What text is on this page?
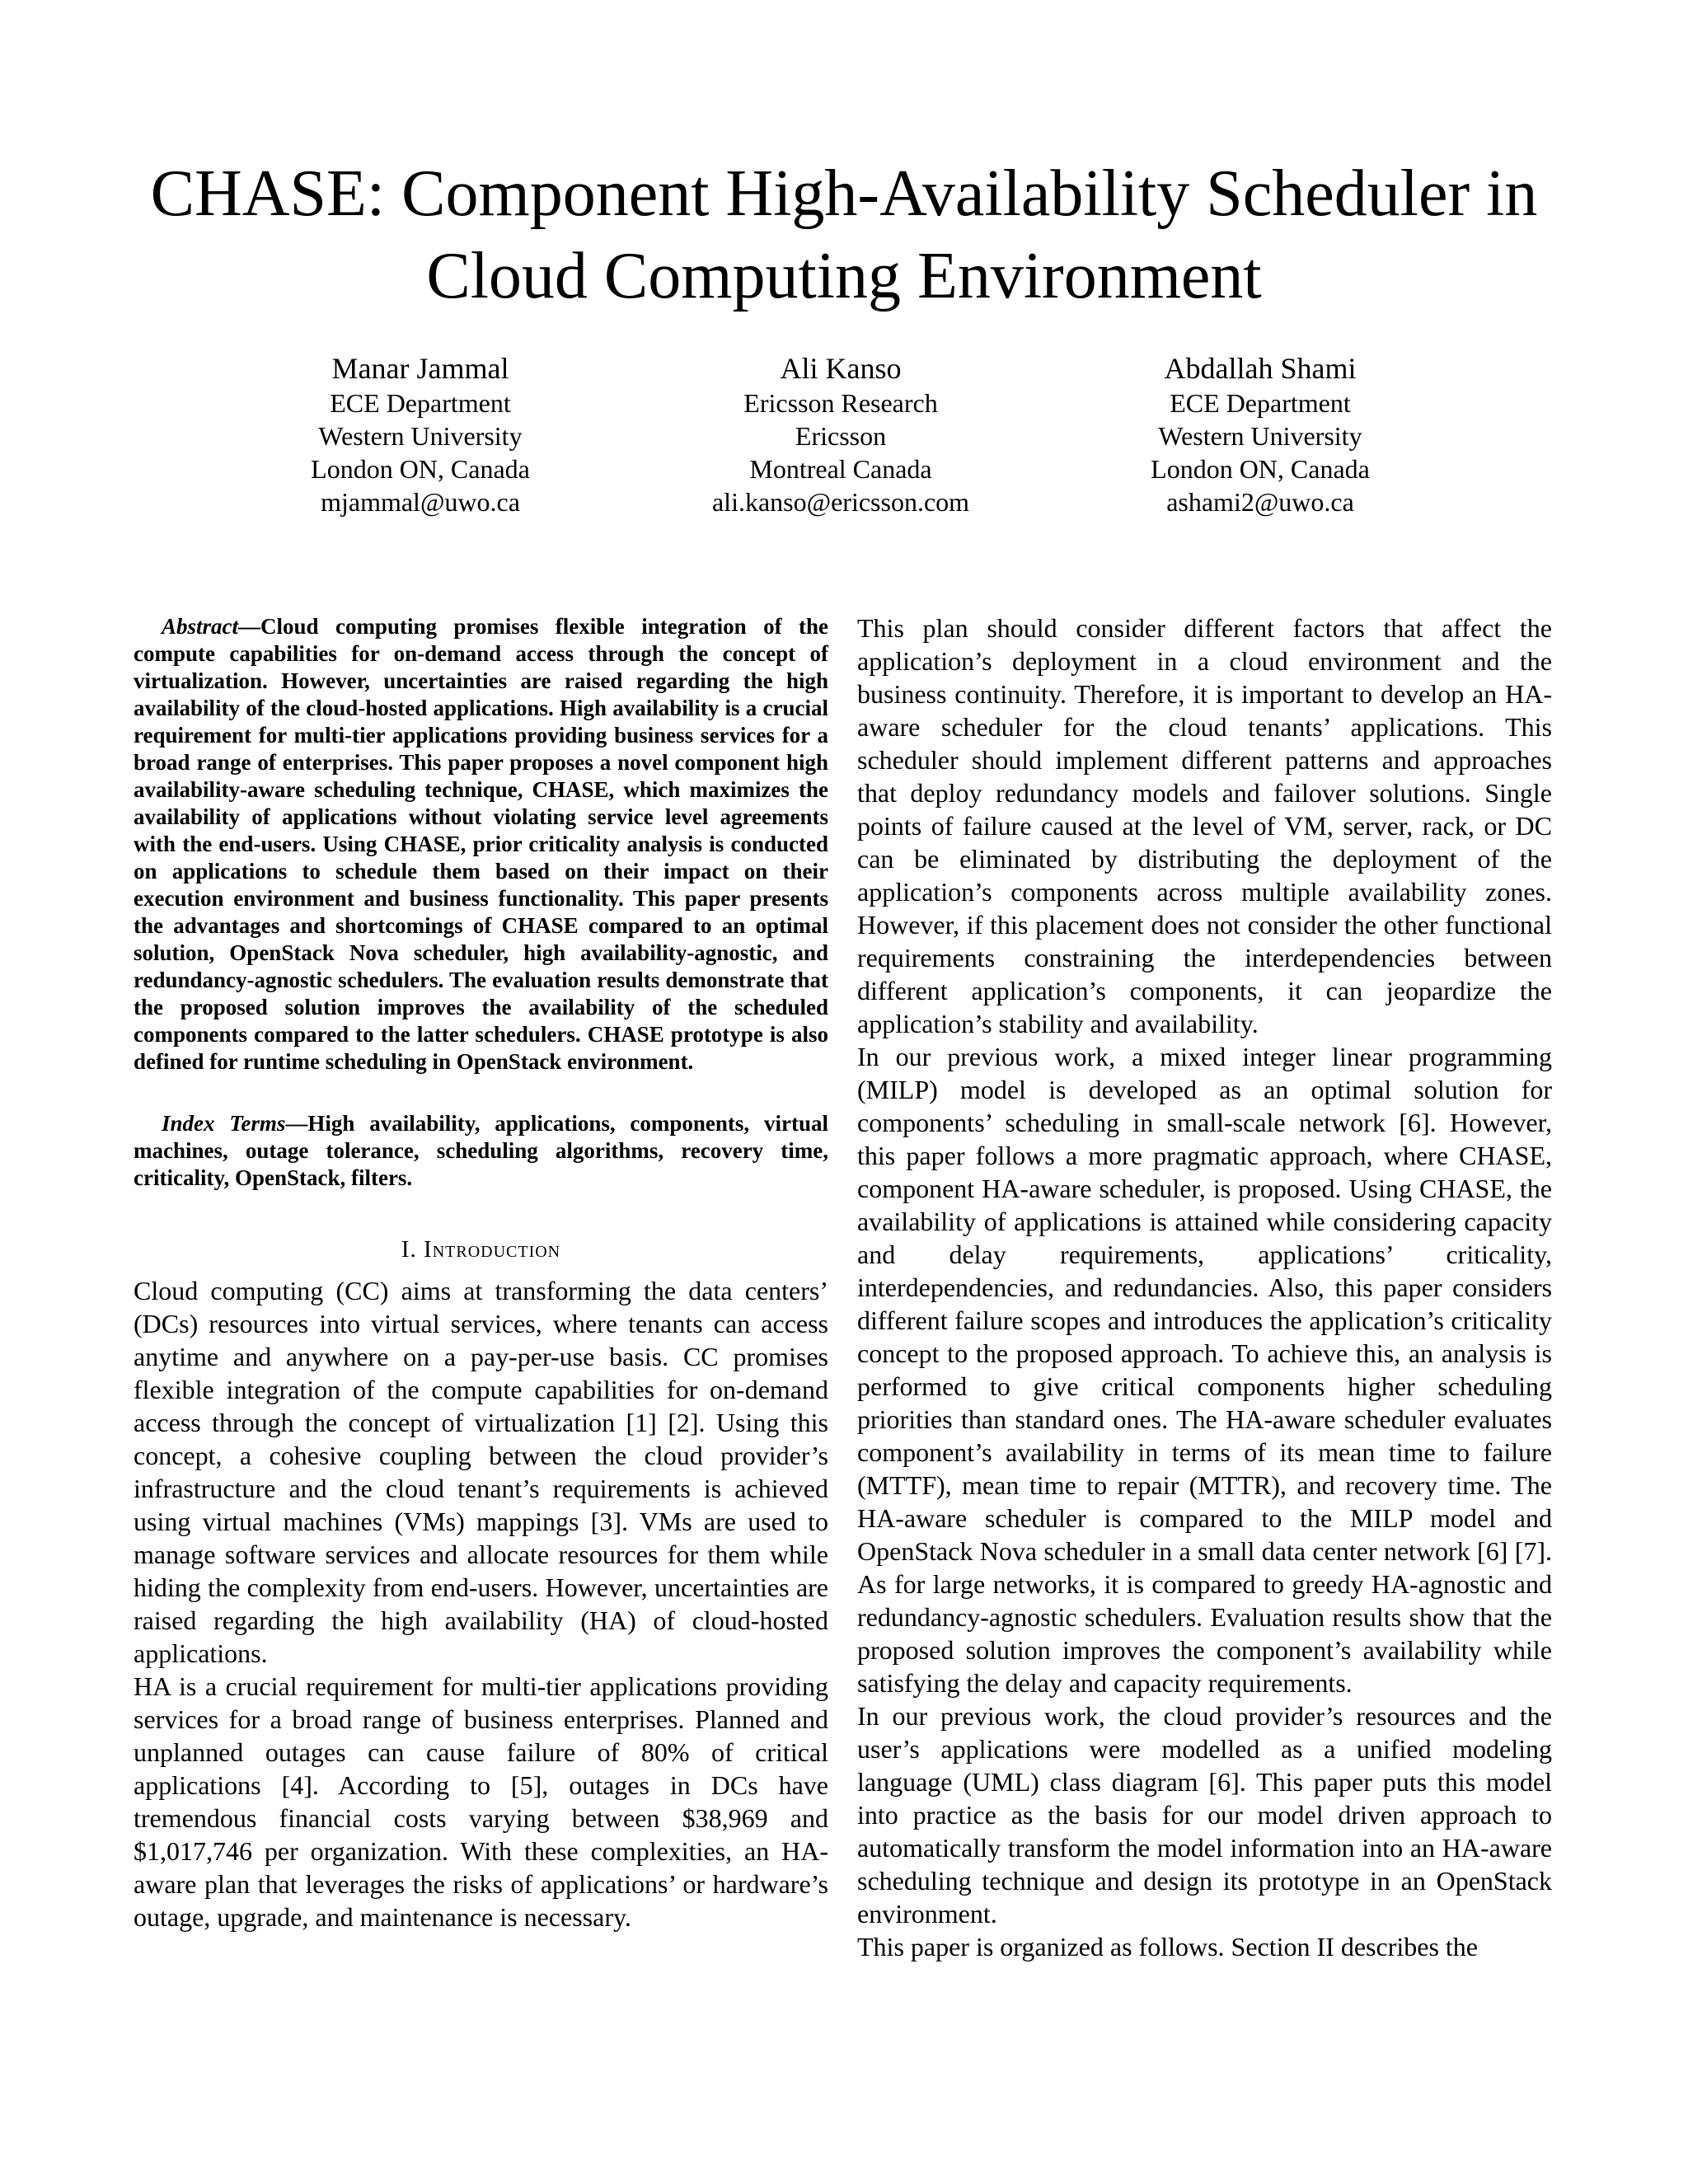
CHASE: Component High-Availability Scheduler in
Cloud Computing Environment
Manar Jammal
ECE Department
Western University
London ON, Canada
mjammal@uwo.ca
Ali Kanso
Ericsson Research
Ericsson
Montreal Canada
ali.kanso@ericsson.com
Abdallah Shami
ECE Department
Western University
London ON, Canada
ashami2@uwo.ca

Abstract—Cloud computing promises flexible integration of the compute capabilities for on-demand access through the concept of virtualization. However, uncertainties are raised regarding the high availability of the cloud-hosted applications. High availability is a crucial requirement for multi-tier applications providing business services for a broad range of enterprises. This paper proposes a novel component high availability-aware scheduling technique, CHASE, which maximizes the availability of applications without violating service level agreements with the end-users. Using CHASE, prior criticality analysis is conducted on applications to schedule them based on their impact on their execution environment and business functionality. This paper presents the advantages and shortcomings of CHASE compared to an optimal solution, OpenStack Nova scheduler, high availability-agnostic, and redundancy-agnostic schedulers. The evaluation results demonstrate that the proposed solution improves the availability of the scheduled components compared to the latter schedulers. CHASE prototype is also defined for runtime scheduling in OpenStack environment.

Index Terms—High availability, applications, components, virtual machines, outage tolerance, scheduling algorithms, recovery time, criticality, OpenStack, filters.

I. Introduction

Cloud computing (CC) aims at transforming the data centers’ (DCs) resources into virtual services, where tenants can access anytime and anywhere on a pay-per-use basis. CC promises flexible integration of the compute capabilities for on-demand access through the concept of virtualization [1] [2]. Using this concept, a cohesive coupling between the cloud provider’s infrastructure and the cloud tenant’s requirements is achieved using virtual machines (VMs) mappings [3]. VMs are used to manage software services and allocate resources for them while hiding the complexity from end-users. However, uncertainties are raised regarding the high availability (HA) of cloud-hosted applications.

HA is a crucial requirement for multi-tier applications providing services for a broad range of business enterprises. Planned and unplanned outages can cause failure of 80% of critical applications [4]. According to [5], outages in DCs have tremendous financial costs varying between $38,969 and $1,017,746 per organization. With these complexities, an HA-aware plan that leverages the risks of applications’ or hardware’s outage, upgrade, and maintenance is necessary.

This plan should consider different factors that affect the application’s deployment in a cloud environment and the business continuity. Therefore, it is important to develop an HA-aware scheduler for the cloud tenants’ applications. This scheduler should implement different patterns and approaches that deploy redundancy models and failover solutions. Single points of failure caused at the level of VM, server, rack, or DC can be eliminated by distributing the deployment of the application’s components across multiple availability zones. However, if this placement does not consider the other functional requirements constraining the interdependencies between different application’s components, it can jeopardize the application’s stability and availability.

In our previous work, a mixed integer linear programming (MILP) model is developed as an optimal solution for components’ scheduling in small-scale network [6]. However, this paper follows a more pragmatic approach, where CHASE, component HA-aware scheduler, is proposed. Using CHASE, the availability of applications is attained while considering capacity and delay requirements, applications’ criticality, interdependencies, and redundancies. Also, this paper considers different failure scopes and introduces the application’s criticality concept to the proposed approach. To achieve this, an analysis is performed to give critical components higher scheduling priorities than standard ones. The HA-aware scheduler evaluates component’s availability in terms of its mean time to failure (MTTF), mean time to repair (MTTR), and recovery time. The HA-aware scheduler is compared to the MILP model and OpenStack Nova scheduler in a small data center network [6] [7]. As for large networks, it is compared to greedy HA-agnostic and redundancy-agnostic schedulers. Evaluation results show that the proposed solution improves the component’s availability while satisfying the delay and capacity requirements.

In our previous work, the cloud provider’s resources and the user’s applications were modelled as a unified modeling language (UML) class diagram [6]. This paper puts this model into practice as the basis for our model driven approach to automatically transform the model information into an HA-aware scheduling technique and design its prototype in an OpenStack environment.

This paper is organized as follows. Section II describes the
